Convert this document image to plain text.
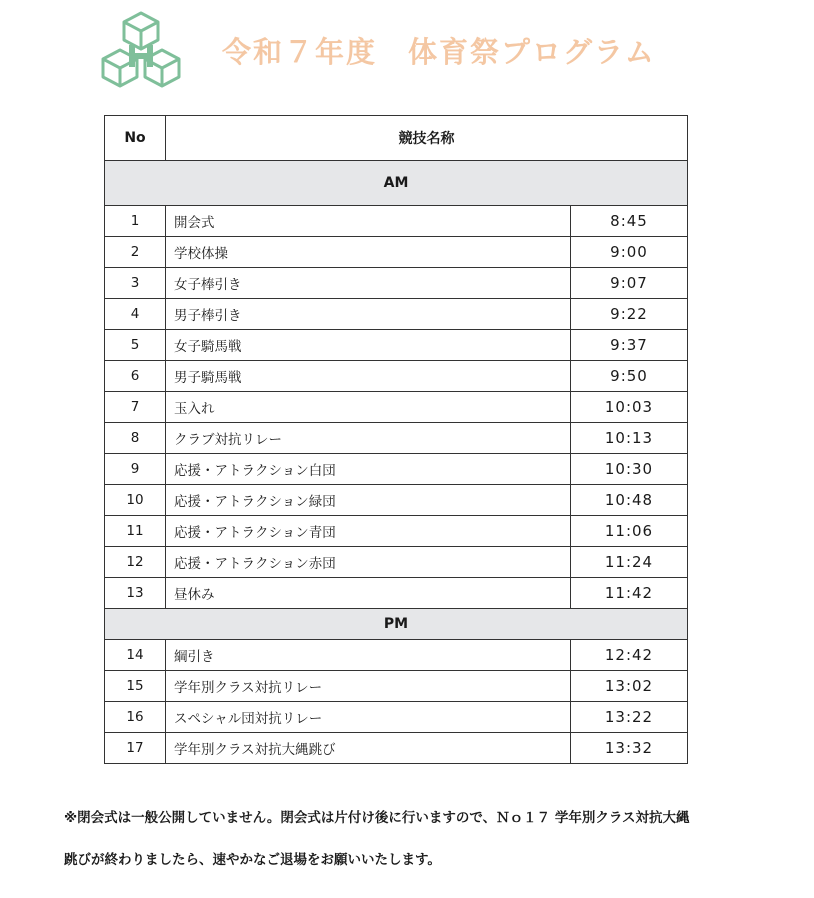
令和７年度　体育祭プログラム
No	競技名称	
AM		
1	開会式	8:45
2	学校体操	9:00
3	女子棒引き	9:07
4	男子棒引き	9:22
5	女子騎馬戦	9:37
6	男子騎馬戦	9:50
7	玉入れ	10:03
8	クラブ対抗リレー	10:13
9	応援・アトラクション白団	10:30
10	応援・アトラクション緑団	10:48
11	応援・アトラクション青団	11:06
12	応援・アトラクション赤団	11:24
13	昼休み	11:42
PM		
14	綱引き	12:42
15	学年別クラス対抗リレー	13:02
16	スペシャル団対抗リレー	13:22
17	学年別クラス対抗大縄跳び	13:32
※閉会式は一般公開していません。閉会式は片付け後に行いますので、Ｎｏ１７ 学年別クラス対抗大縄
跳びが終わりましたら、速やかなご退場をお願いいたします。
